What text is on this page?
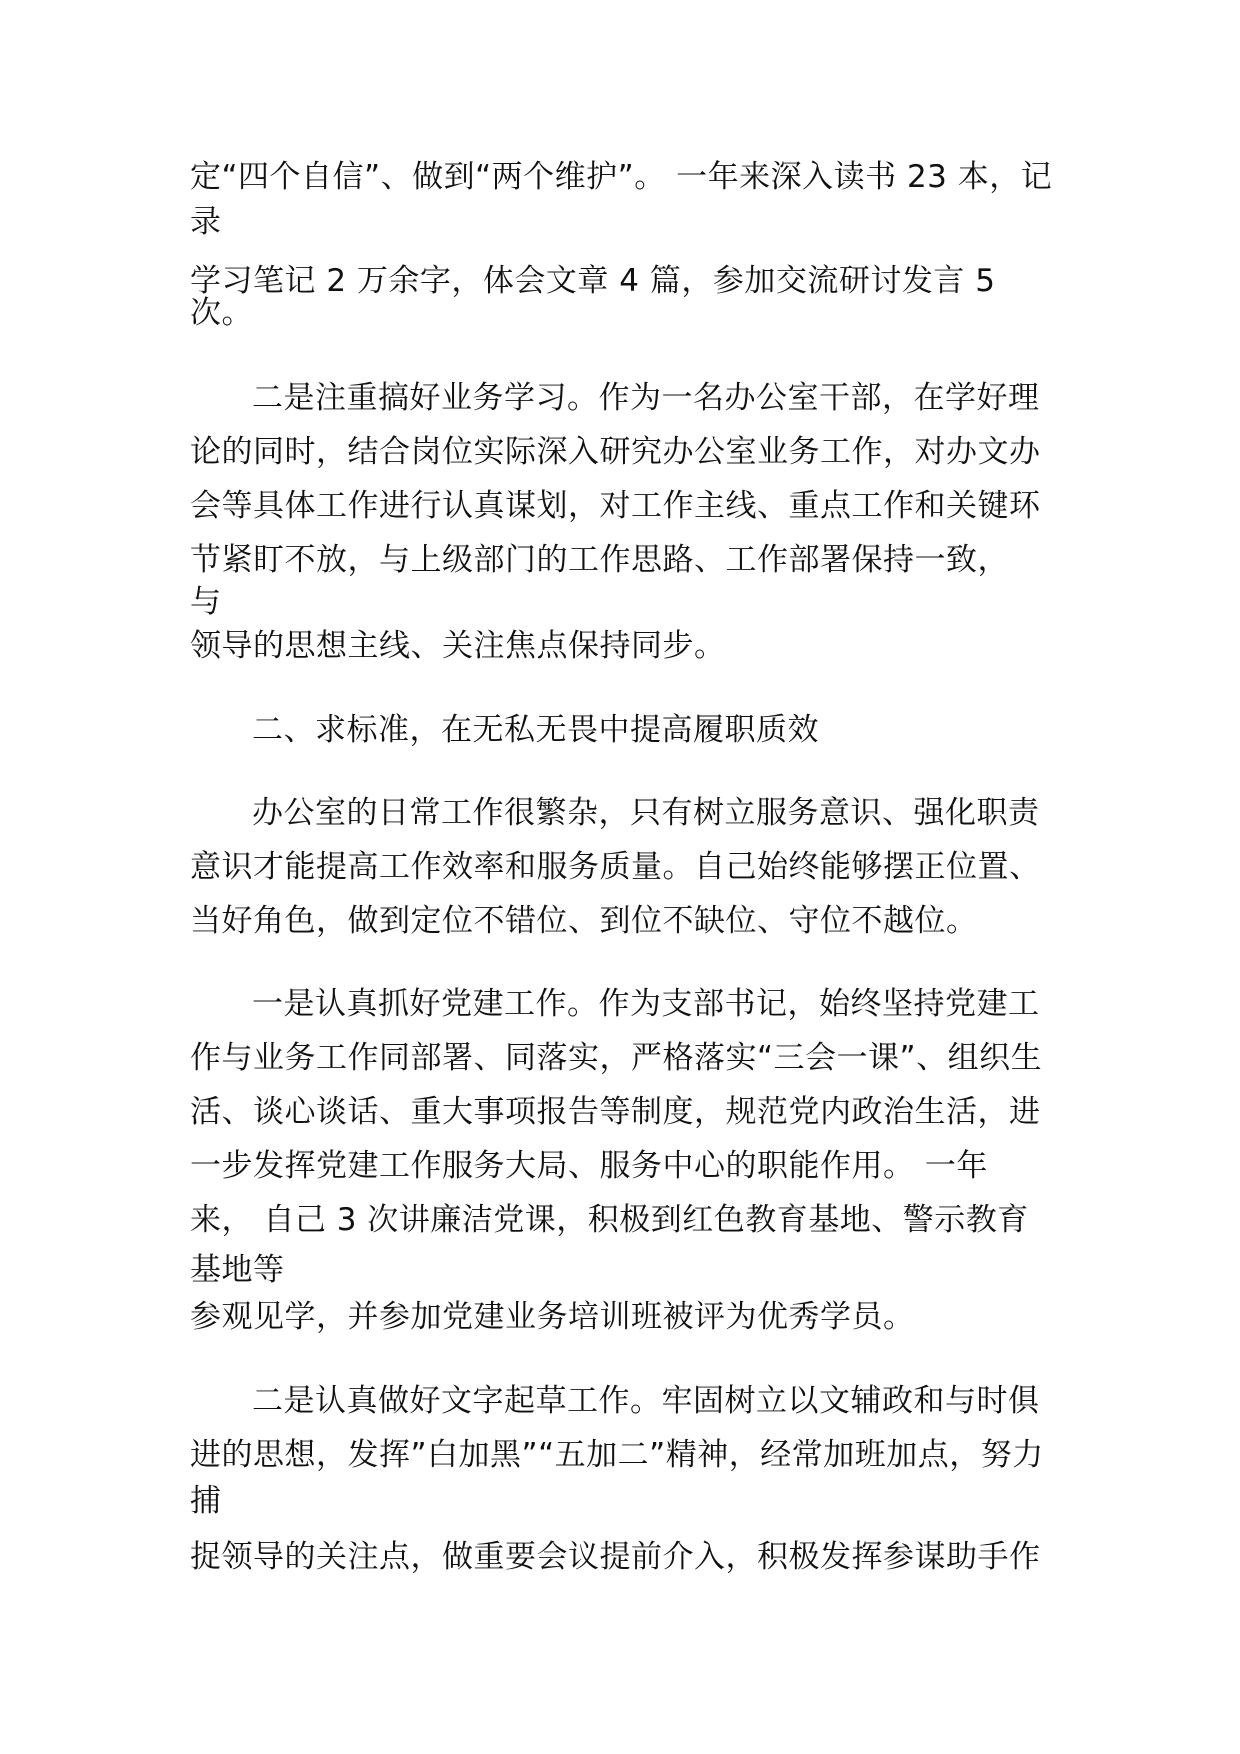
定“四个自信”、做到“两个维护”。 一年来深入读书 23 本，记
录
学习笔记 2 万余字，体会文章 4 篇，参加交流研讨发言 5
次。
二是注重搞好业务学习。作为一名办公室干部，在学好理
论的同时，结合岗位实际深入研究办公室业务工作，对办文办
会等具体工作进行认真谋划，对工作主线、重点工作和关键环
节紧盯不放，与上级部门的工作思路、工作部署保持一致，
与
领导的思想主线、关注焦点保持同步。
二、求标准，在无私无畏中提高履职质效
办公室的日常工作很繁杂，只有树立服务意识、强化职责
意识才能提高工作效率和服务质量。自己始终能够摆正位置、
当好角色，做到定位不错位、到位不缺位、守位不越位。
一是认真抓好党建工作。作为支部书记，始终坚持党建工
作与业务工作同部署、同落实，严格落实“三会一课”、组织生
活、谈心谈话、重大事项报告等制度，规范党内政治生活，进
一步发挥党建工作服务大局、服务中心的职能作用。 一年
来， 自己 3 次讲廉洁党课，积极到红色教育基地、警示教育
基地等
参观见学，并参加党建业务培训班被评为优秀学员。
二是认真做好文字起草工作。牢固树立以文辅政和与时俱
进的思想，发挥”白加黑”“五加二”精神，经常加班加点，努力
捕
捉领导的关注点，做重要会议提前介入，积极发挥参谋助手作
